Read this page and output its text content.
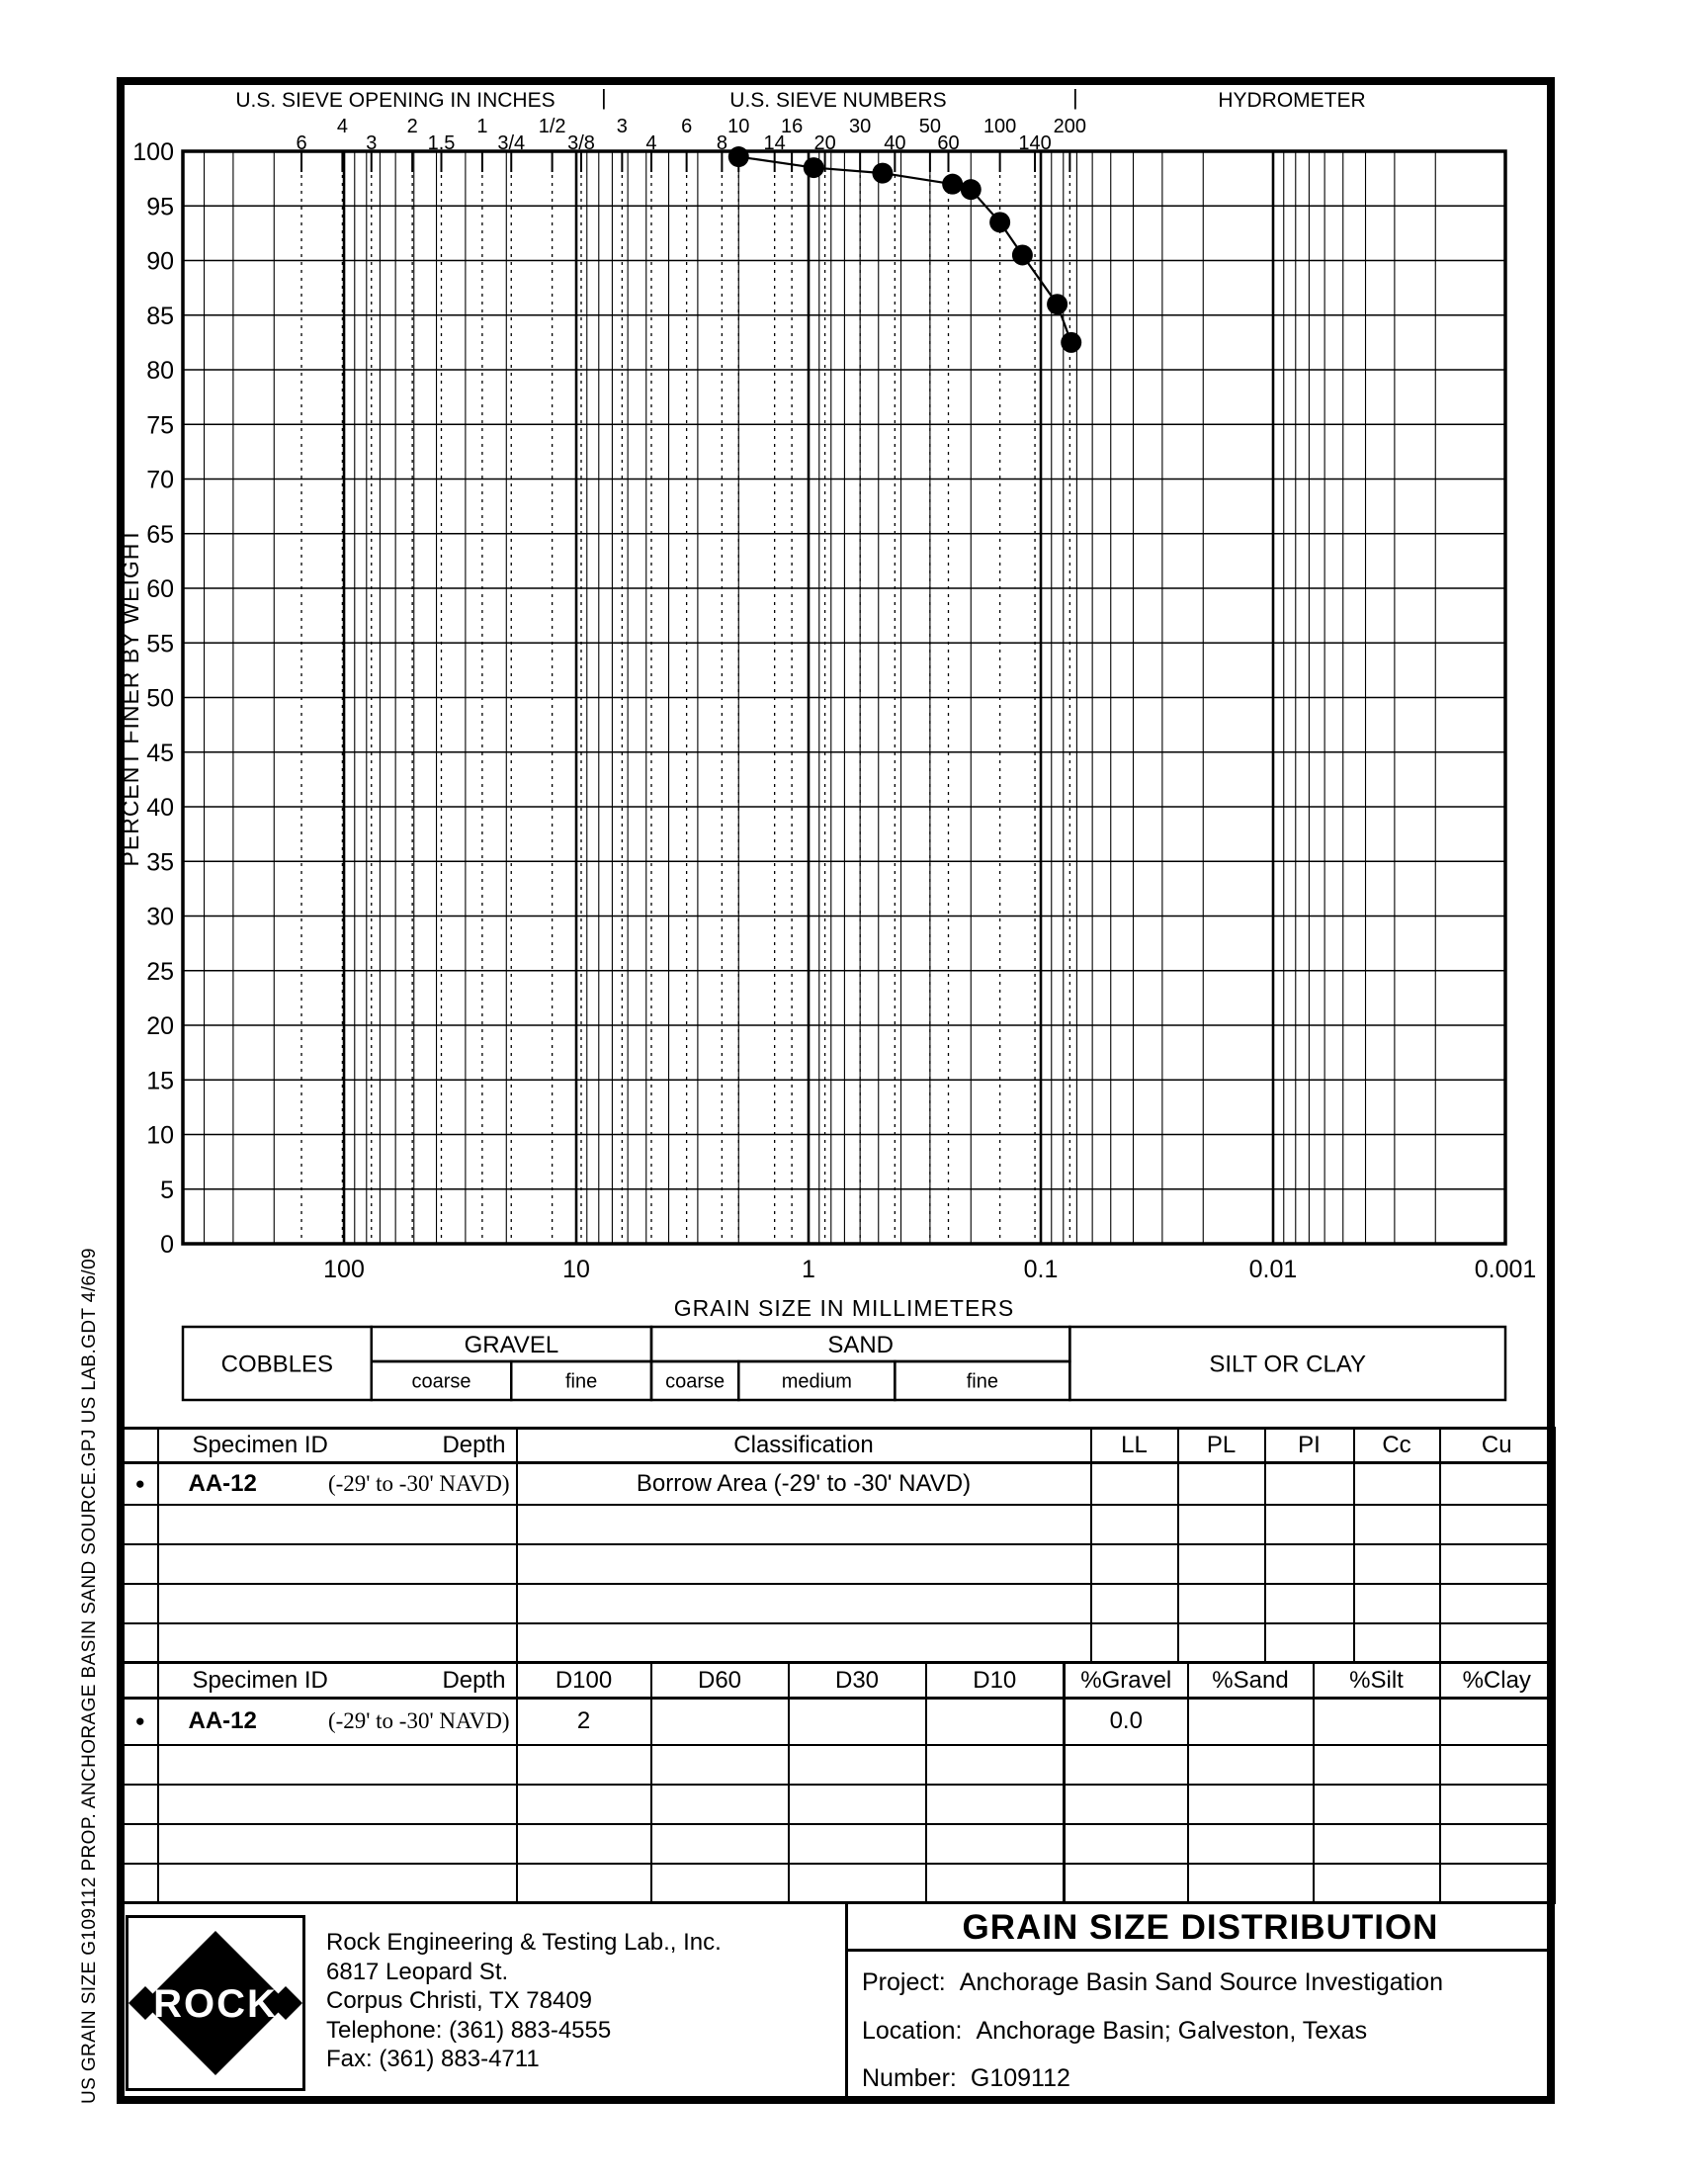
US GRAIN SIZE G109112 PROP. ANCHORAGE BASIN SAND SOURCE.GPJ US LAB.GDT 4/6/09
U.S. SIEVE OPENING IN INCHES	|	U.S. SIEVE NUMBERS	|	HYDROMETER
6
4
3
2
1.5
1
3/4
1/2
3/8
3
4
6
8
10
14
16
20
30
40
50
60
100
140
200
0
5
10
15
20
25
30
35
40
45
50
55
60
65
70
75
80
85
90
95
100
100	10	1	0.1	0.01	0.001
COBBLES
GRAVEL
coarse	fine
SAND
coarse	medium	fine
SILT OR CLAY
PERCENT FINER BY WEIGHT
GRAIN SIZE IN MILLIMETERS

	Specimen ID Depth	Classification	LL	PL	PI	Cc	Cu
●	AA-12 (-29' to -30' NAVD)	Borrow Area (-29' to -30' NAVD)					

	Specimen ID Depth	D100	D60	D30	D10	%Gravel	%Sand	%Silt	%Clay
●	AA-12 (-29' to -30' NAVD)	2				0.0			

ROCK
Rock Engineering & Testing Lab., Inc.
6817 Leopard St.
Corpus Christi, TX 78409
Telephone: (361) 883-4555
Fax: (361) 883-4711
GRAIN SIZE DISTRIBUTION
Project: Anchorage Basin Sand Source Investigation
Location: Anchorage Basin; Galveston, Texas
Number: G109112
